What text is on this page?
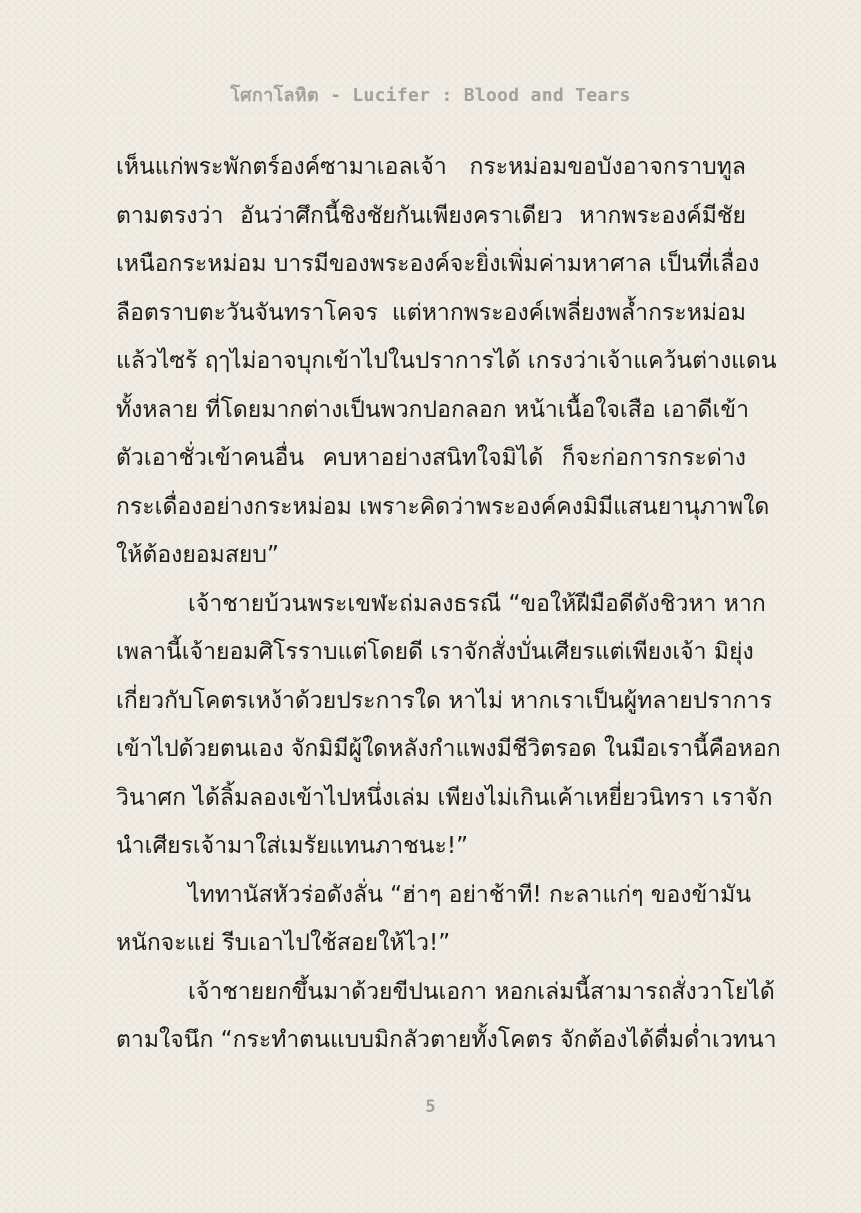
โศกาโลหิต - Lucifer : Blood and Tears
เห็นแก่พระพักตร์องค์ซามาเอลเจ้า กระหม่อมขอบังอาจกราบทูล
ตามตรงว่า อันว่าศึกนี้ชิงชัยกันเพียงคราเดียว หากพระองค์มีชัย
เหนือกระหม่อม บารมีของพระองค์จะยิ่งเพิ่มค่ามหาศาล เป็นที่เลื่อง
ลือตราบตะวันจันทราโคจร แต่หากพระองค์เพลี่ยงพล้ำกระหม่อม
แล้วไซร้ ฤๅไม่อาจบุกเข้าไปในปราการได้ เกรงว่าเจ้าแคว้นต่างแดน
ทั้งหลาย ที่โดยมากต่างเป็นพวกปอกลอก หน้าเนื้อใจเสือ เอาดีเข้า
ตัวเอาชั่วเข้าคนอื่น คบหาอย่างสนิทใจมิได้ ก็จะก่อการกระด่าง
กระเดื่องอย่างกระหม่อม เพราะคิดว่าพระองค์คงมิมีแสนยานุภาพใด
ให้ต้องยอมสยบ”
เจ้าชายบ้วนพระเขฬะถ่มลงธรณี “ขอให้ฝีมือดีดังชิวหา หาก
เพลานี้เจ้ายอมศิโรราบแต่โดยดี เราจักสั่งบั่นเศียรแต่เพียงเจ้า มิยุ่ง
เกี่ยวกับโคตรเหง้าด้วยประการใด หาไม่ หากเราเป็นผู้ทลายปราการ
เข้าไปด้วยตนเอง จักมิมีผู้ใดหลังกำแพงมีชีวิตรอด ในมือเรานี้คือหอก
วินาศก ได้ลิ้มลองเข้าไปหนึ่งเล่ม เพียงไม่เกินเค้าเหยี่ยวนิทรา เราจัก
นำเศียรเจ้ามาใส่เมรัยแทนภาชนะ!”
ไททานัสหัวร่อดังลั่น “ฮ่าๆ อย่าช้าที! กะลาแก่ๆ ของข้ามัน
หนักจะแย่ รีบเอาไปใช้สอยให้ไว!”
เจ้าชายยกขึ้นมาด้วยขีปนเอกา หอกเล่มนี้สามารถสั่งวาโยได้
ตามใจนึก “กระทำตนแบบมิกลัวตายทั้งโคตร จักต้องได้ดื่มด่ำเวทนา
5
